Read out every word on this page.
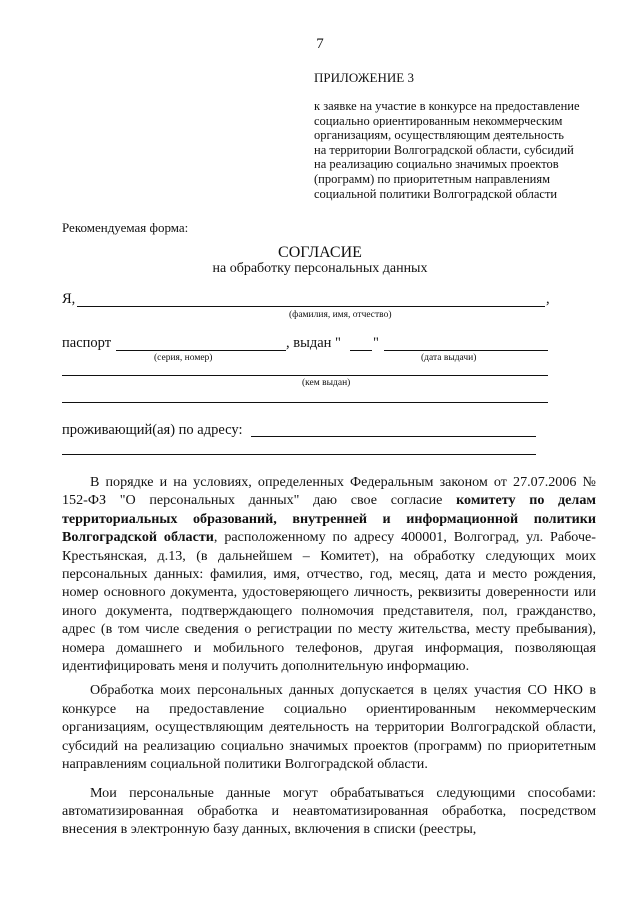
7
ПРИЛОЖЕНИЕ 3
к заявке на участие в конкурсе на предоставление
социально ориентированным некоммерческим
организациям, осуществляющим деятельность
на территории Волгоградской области, субсидий
на реализацию социально значимых проектов
(программ) по приоритетным направлениям
социальной политики Волгоградской области
Рекомендуемая форма:
СОГЛАСИЕ
на обработку персональных данных
Я,	,
(фамилия, имя, отчество)
паспорт	, выдан " "
(серия, номер)	(дата выдачи)
(кем выдан)
проживающий(ая) по адресу:

В порядке и на условиях, определенных Федеральным законом от 27.07.2006 № 152-ФЗ "О персональных данных" даю свое согласие комитету по делам территориальных образований, внутренней и информационной политики Волгоградской области, расположенному по адресу 400001, Волгоград, ул. Рабоче-Крестьянская, д.13, (в дальнейшем – Комитет), на обработку следующих моих персональных данных: фамилия, имя, отчество, год, месяц, дата и место рождения, номер основного документа, удостоверяющего личность, реквизиты доверенности или иного документа, подтверждающего полномочия представителя, пол, гражданство, адрес (в том числе сведения о регистрации по месту жительства, месту пребывания), номера домашнего и мобильного телефонов, другая информация, позволяющая идентифицировать меня и получить дополнительную информацию.

Обработка моих персональных данных допускается в целях участия СО НКО в конкурсе на предоставление социально ориентированным некоммерческим организациям, осуществляющим деятельность на территории Волгоградской области, субсидий на реализацию социально значимых проектов (программ) по приоритетным направлениям социальной политики Волгоградской области.

Мои персональные данные могут обрабатываться следующими способами: автоматизированная обработка и неавтоматизированная обработка, посредством внесения в электронную базу данных, включения в списки (реестры,
